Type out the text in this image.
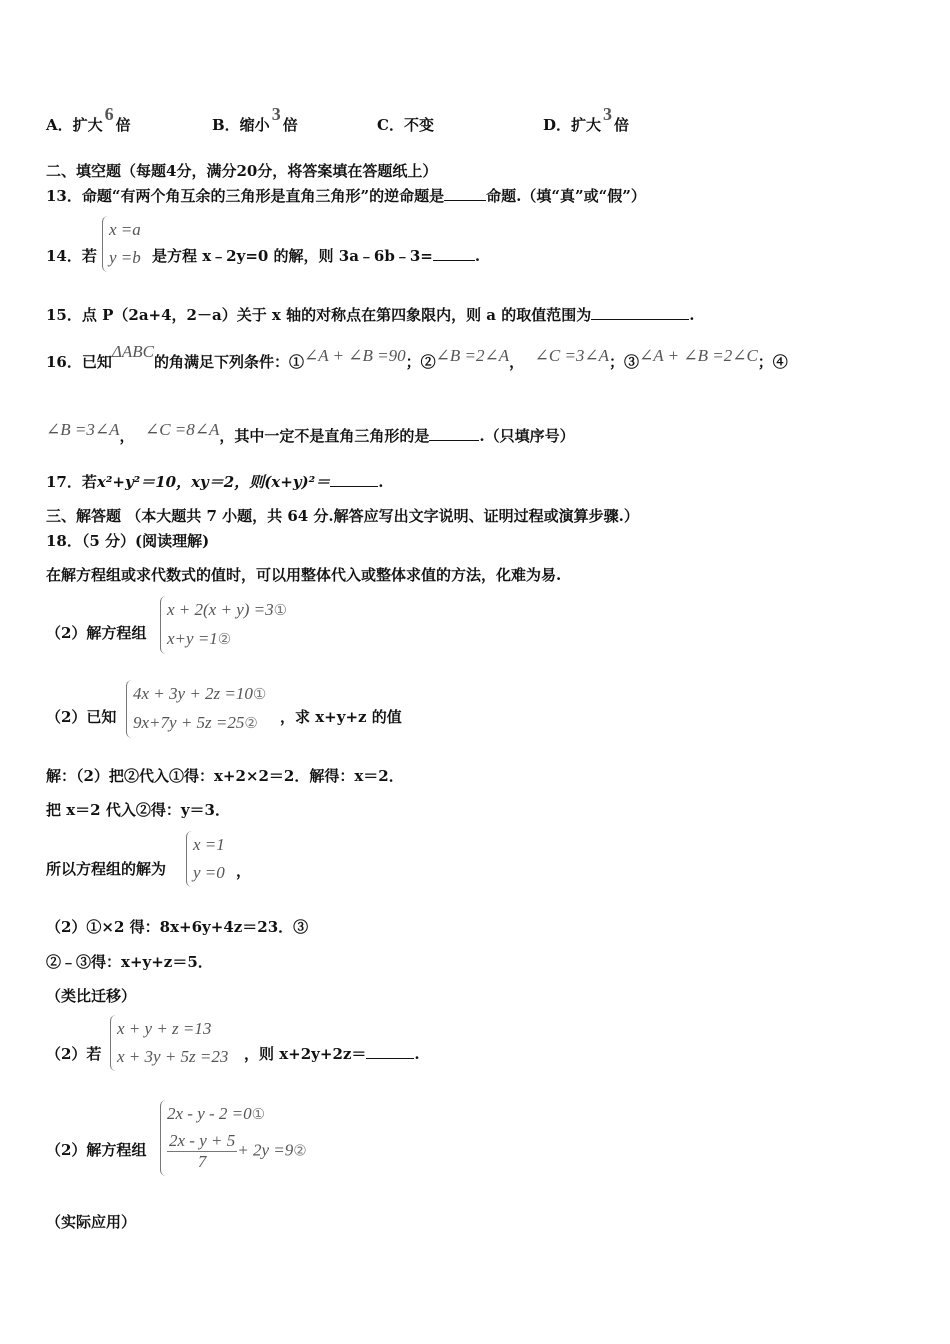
A．扩大6倍	B．缩小3倍	C．不变	D．扩大3倍
二、填空题（每题4分，满分20分，将答案填在答题纸上）
13．命题“有两个角互余的三角形是直角三角形”的逆命题是	命题.（填“真”或“假”）
14．若
x =a
y =b 是方程 x﹣2y=0 的解，则 3a﹣6b﹣3=	.
15．点 P（2a+4，2－a）关于 x 轴的对称点在第四象限内，则 a 的取值范围为	.
16．已知ΔABC的角满足下列条件：①∠A + ∠B =90；②∠B =2∠A， ∠C =3∠A；③∠A + ∠B =2∠C；④
∠B =3∠A， ∠C =8∠A，其中一定不是直角三角形的是	.（只填序号）
17．若x²+y²＝10，xy＝2，则(x+y)²＝	.
三、解答题 （本大题共 7 小题，共 64 分.解答应写出文字说明、证明过程或演算步骤.）
18．（5 分）(阅读理解)
在解方程组或求代数式的值时，可以用整体代入或整体求值的方法，化难为易.
（2）解方程组
x + 2(x + y) =3①
x+y =1②
（2）已知
4x + 3y + 2z =10①
9x+7y + 5z =25②	，求 x+y+z 的值
解：（2）把②代入①得：x+2×2＝2．解得：x＝2．
把 x＝2 代入②得：y＝3．
所以方程组的解为
x =1
y =0 ，
（2）①×2 得：8x+6y+4z＝23．③
②﹣③得：x+y+z＝5．
（类比迁移）
（2）若
x + y + z =13
x + 3y + 5z =23 ，则 x+2y+2z＝	.
（2）解方程组
2x - y - 2 =0①
$\frac{2x - y + 5}{7} + 2y$ =9②
（实际应用）
